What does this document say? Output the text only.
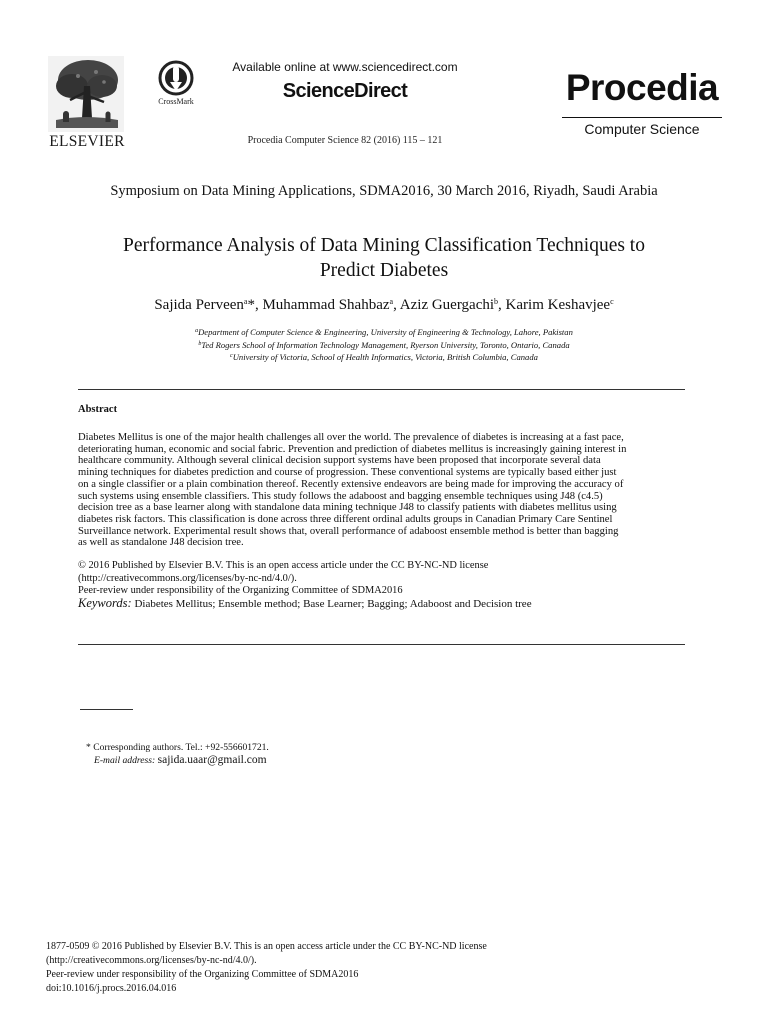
ELSEVIER
CrossMark
Available online at www.sciencedirect.com
ScienceDirect
Procedia Computer Science 82 (2016) 115 – 121
Procedia
Computer Science
Symposium on Data Mining Applications, SDMA2016, 30 March 2016, Riyadh, Saudi Arabia
Performance Analysis of Data Mining Classification Techniques to
Predict Diabetes
Sajida Perveen$^a$*, Muhammad Shahbaz$^a$, Aziz Guergachi$^b$, Karim Keshavjee$^c$
$^a$Department of Computer Science & Engineering, University of Engineering & Technology, Lahore, Pakistan
$^b$Ted Rogers School of Information Technology Management, Ryerson University, Toronto, Ontario, Canada
$^c$University of Victoria, School of Health Informatics, Victoria, British Columbia, Canada
Abstract
Diabetes Mellitus is one of the major health challenges all over the world. The prevalence of diabetes is increasing at a fast pace,
deteriorating human, economic and social fabric. Prevention and prediction of diabetes mellitus is increasingly gaining interest in
healthcare community. Although several clinical decision support systems have been proposed that incorporate several data
mining techniques for diabetes prediction and course of progression. These conventional systems are typically based either just
on a single classifier or a plain combination thereof. Recently extensive endeavors are being made for improving the accuracy of
such systems using ensemble classifiers. This study follows the adaboost and bagging ensemble techniques using J48 (c4.5)
decision tree as a base learner along with standalone data mining technique J48 to classify patients with diabetes mellitus using
diabetes risk factors. This classification is done across three different ordinal adults groups in Canadian Primary Care Sentinel
Surveillance network. Experimental result shows that, overall performance of adaboost ensemble method is better than bagging
as well as standalone J48 decision tree.
© 2016 Published by Elsevier B.V. This is an open access article under the CC BY-NC-ND license
(http://creativecommons.org/licenses/by-nc-nd/4.0/).
Peer-review under responsibility of the Organizing Committee of SDMA2016
Keywords: Diabetes Mellitus; Ensemble method; Base Learner; Bagging; Adaboost and Decision tree
* Corresponding authors. Tel.: +92-556601721.
E-mail address: sajida.uaar@gmail.com
1877-0509 © 2016 Published by Elsevier B.V. This is an open access article under the CC BY-NC-ND license
(http://creativecommons.org/licenses/by-nc-nd/4.0/).
Peer-review under responsibility of the Organizing Committee of SDMA2016
doi:10.1016/j.procs.2016.04.016
